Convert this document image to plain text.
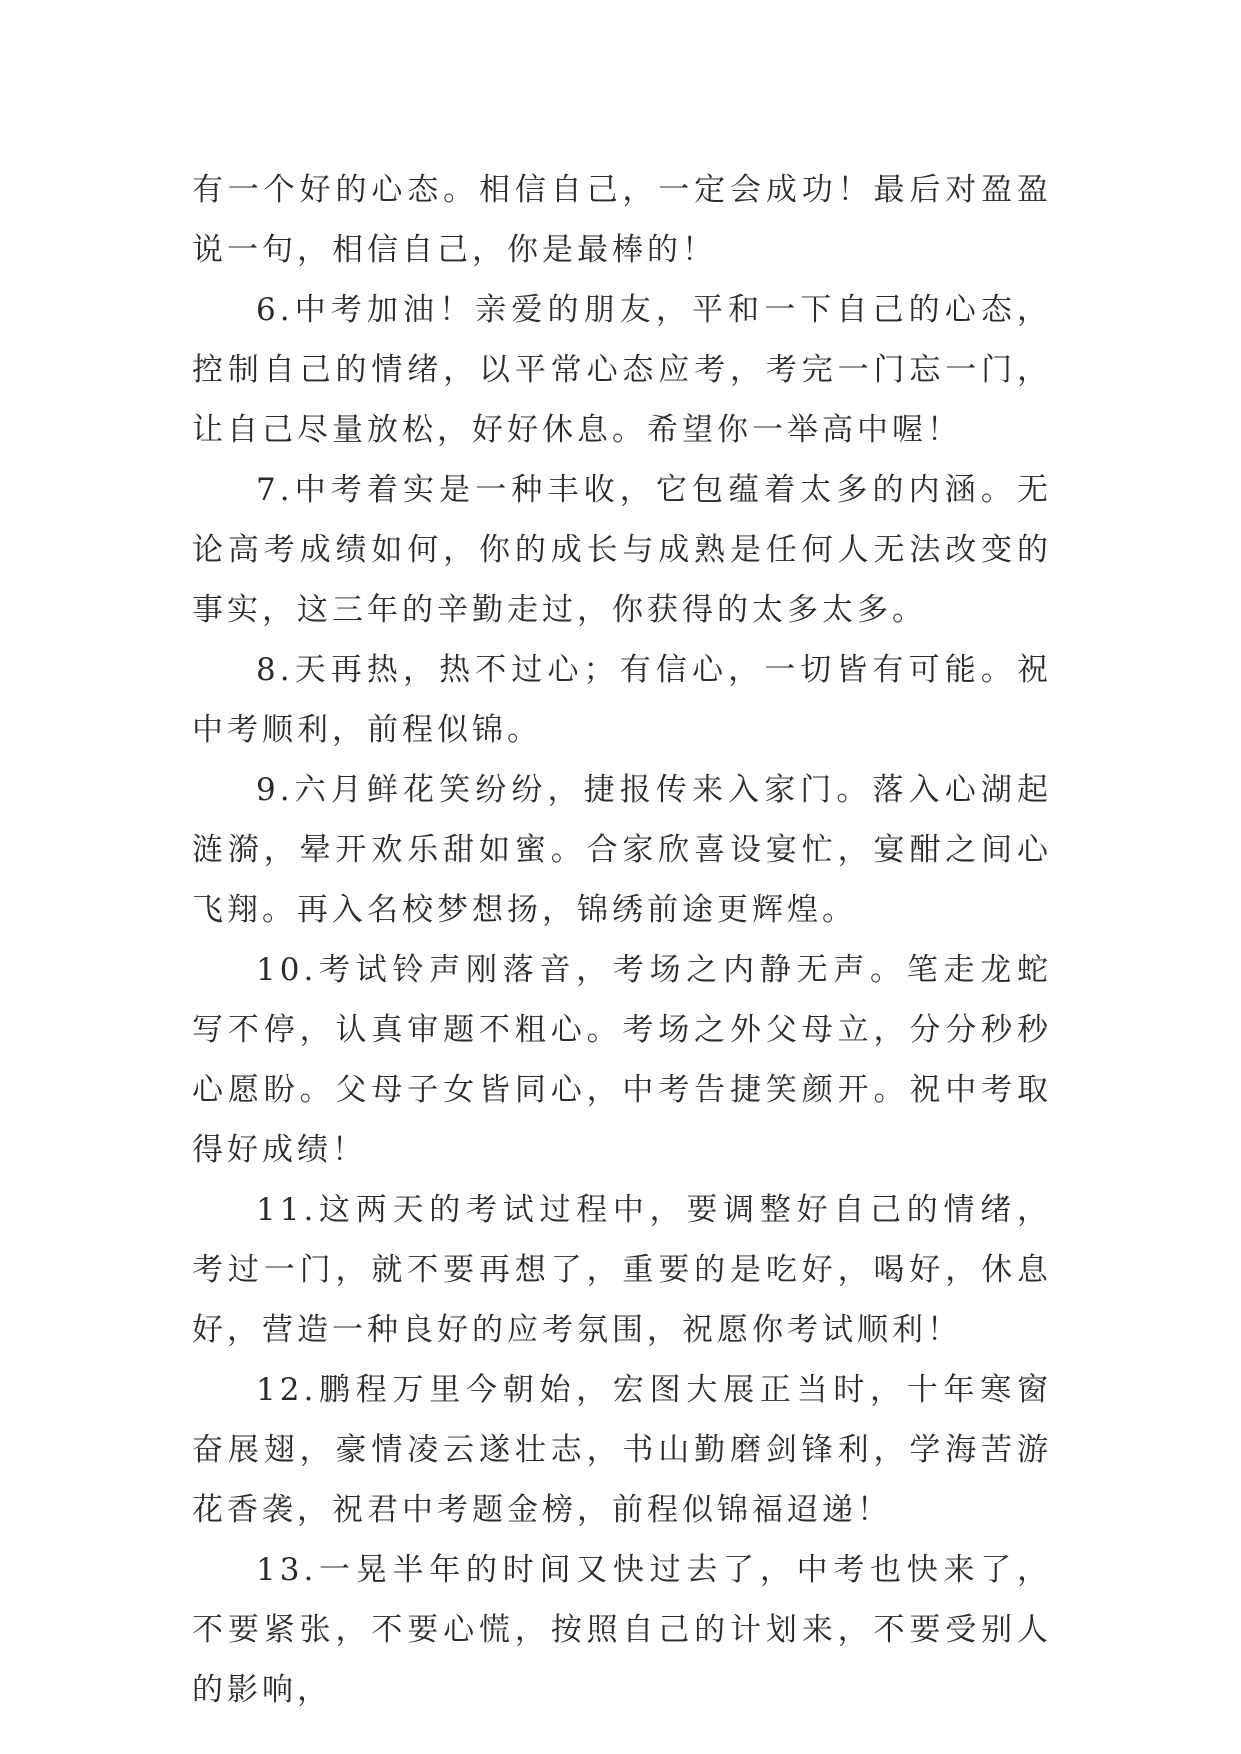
有一个好的心态。相信自己，一定会成功！最后对盈盈说一句，相信自己，你是最棒的！

6.中考加油！亲爱的朋友，平和一下自己的心态，控制自己的情绪，以平常心态应考，考完一门忘一门，让自己尽量放松，好好休息。希望你一举高中喔！

7.中考着实是一种丰收，它包蕴着太多的内涵。无论高考成绩如何，你的成长与成熟是任何人无法改变的事实，这三年的辛勤走过，你获得的太多太多。

8.天再热，热不过心；有信心，一切皆有可能。祝中考顺利，前程似锦。

9.六月鲜花笑纷纷，捷报传来入家门。落入心湖起涟漪，晕开欢乐甜如蜜。合家欣喜设宴忙，宴酣之间心飞翔。再入名校梦想扬，锦绣前途更辉煌。

10.考试铃声刚落音，考场之内静无声。笔走龙蛇写不停，认真审题不粗心。考场之外父母立，分分秒秒心愿盼。父母子女皆同心，中考告捷笑颜开。祝中考取得好成绩！

11.这两天的考试过程中，要调整好自己的情绪，考过一门，就不要再想了，重要的是吃好，喝好，休息好，营造一种良好的应考氛围，祝愿你考试顺利！

12.鹏程万里今朝始，宏图大展正当时，十年寒窗奋展翅，豪情凌云遂壮志，书山勤磨剑锋利，学海苦游花香袭，祝君中考题金榜，前程似锦福迢递！

13.一晃半年的时间又快过去了，中考也快来了，不要紧张，不要心慌，按照自己的计划来，不要受别人的影响，
